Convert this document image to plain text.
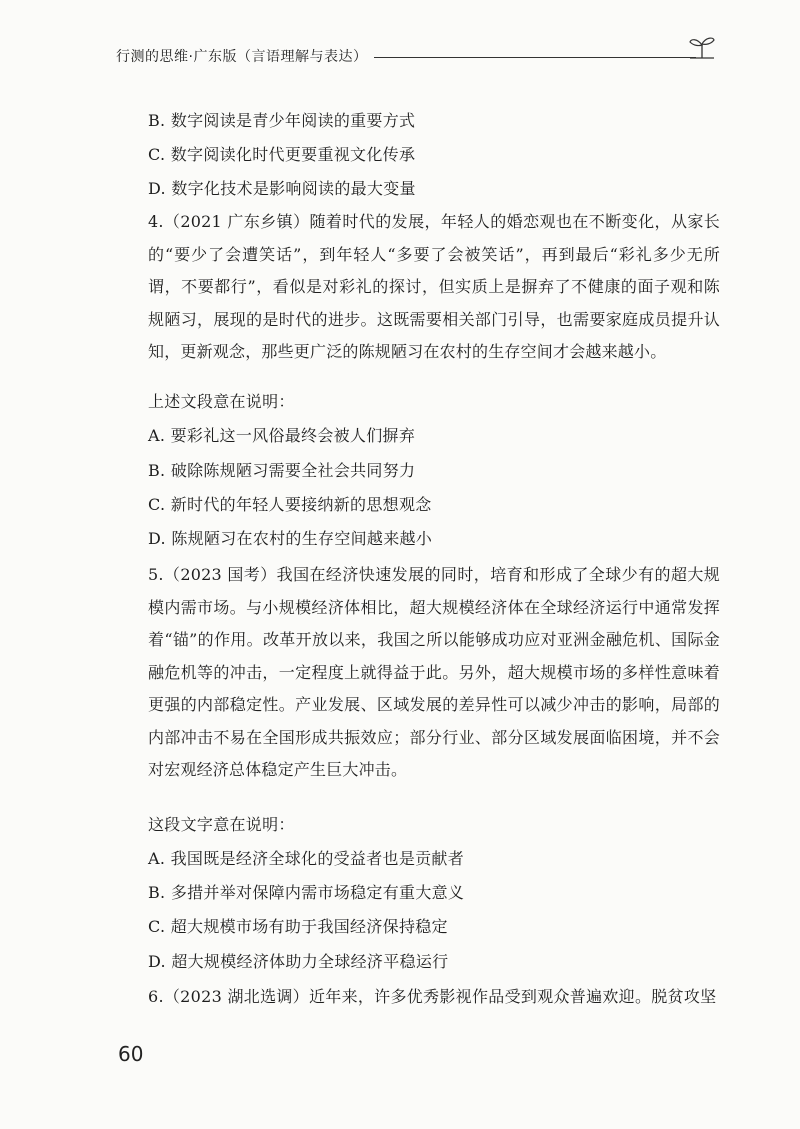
行测的思维·广东版（言语理解与表达）
B. 数字阅读是青少年阅读的重要方式
C. 数字阅读化时代更要重视文化传承
D. 数字化技术是影响阅读的最大变量
4.（2021 广东乡镇）随着时代的发展，年轻人的婚恋观也在不断变化，从家长的“要少了会遭笑话”，到年轻人“多要了会被笑话”，再到最后“彩礼多少无所谓，不要都行”，看似是对彩礼的探讨，但实质上是摒弃了不健康的面子观和陈规陋习，展现的是时代的进步。这既需要相关部门引导，也需要家庭成员提升认知，更新观念，那些更广泛的陈规陋习在农村的生存空间才会越来越小。
上述文段意在说明：
A. 要彩礼这一风俗最终会被人们摒弃
B. 破除陈规陋习需要全社会共同努力
C. 新时代的年轻人要接纳新的思想观念
D. 陈规陋习在农村的生存空间越来越小
5.（2023 国考）我国在经济快速发展的同时，培育和形成了全球少有的超大规模内需市场。与小规模经济体相比，超大规模经济体在全球经济运行中通常发挥着“锚”的作用。改革开放以来，我国之所以能够成功应对亚洲金融危机、国际金融危机等的冲击，一定程度上就得益于此。另外，超大规模市场的多样性意味着更强的内部稳定性。产业发展、区域发展的差异性可以减少冲击的影响，局部的内部冲击不易在全国形成共振效应；部分行业、部分区域发展面临困境，并不会对宏观经济总体稳定产生巨大冲击。
这段文字意在说明：
A. 我国既是经济全球化的受益者也是贡献者
B. 多措并举对保障内需市场稳定有重大意义
C. 超大规模市场有助于我国经济保持稳定
D. 超大规模经济体助力全球经济平稳运行
6.（2023 湖北选调）近年来，许多优秀影视作品受到观众普遍欢迎。脱贫攻坚
60
